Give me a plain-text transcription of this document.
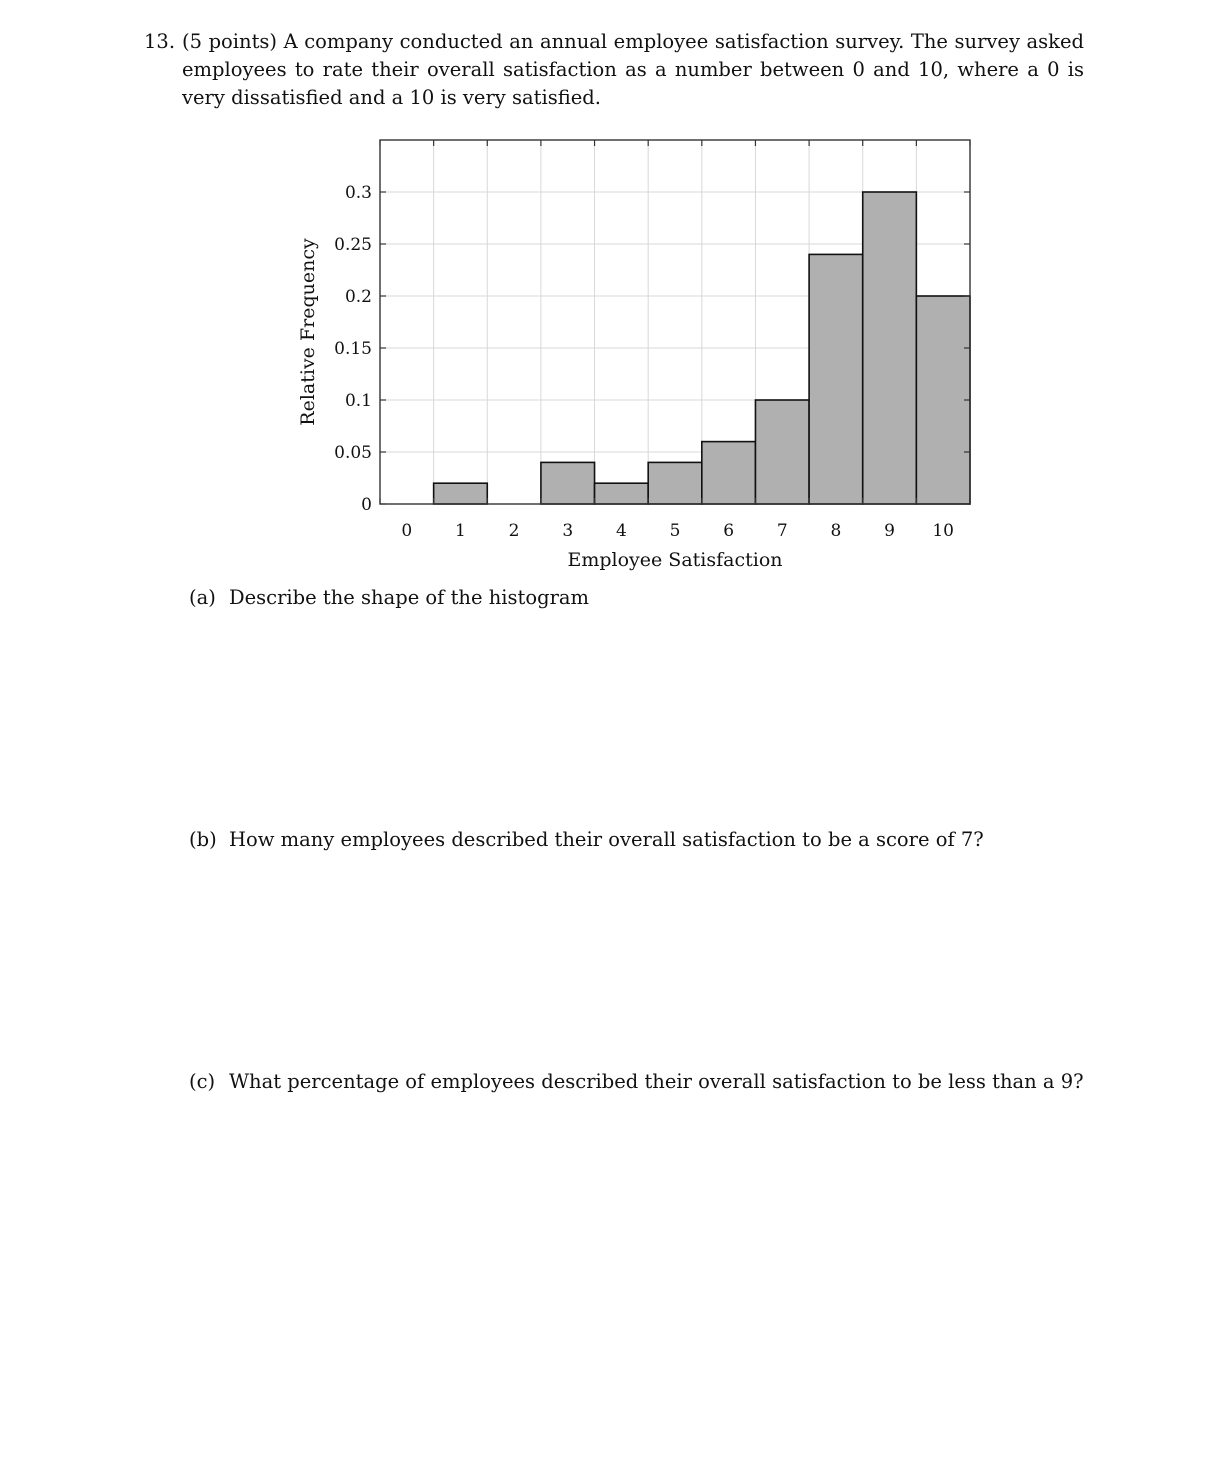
13. (5 points) A company conducted an annual employee satisfaction survey. The survey asked employees to rate their overall satisfaction as a number between 0 and 10, where a 0 is very dissatisfied and a 10 is very satisfied.
0
0.05
0.1
0.15
0.2
0.25
0.3
0	1	2	3	4	5	6	7	8	9 10
Employee Satisfaction
Relative Frequency
(a) Describe the shape of the histogram
(b) How many employees described their overall satisfaction to be a score of 7?
(c) What percentage of employees described their overall satisfaction to be less than a 9?
